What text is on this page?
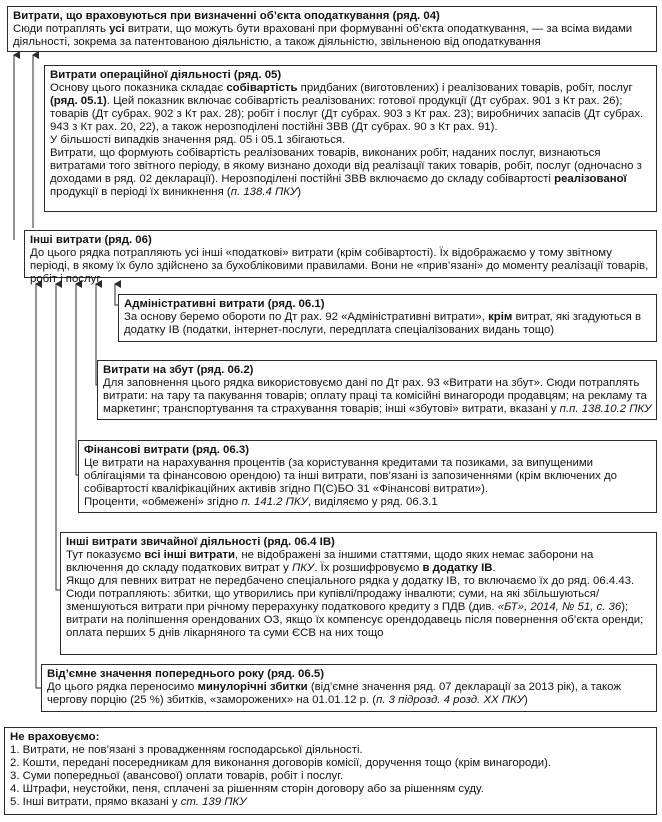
Витрати, що враховуються при визначенні об’єкта оподаткування (ряд. 04)

Сюди потраплять усі витрати, що можуть бути враховані при формуванні об’єкта оподаткування, — за всіма видами діяльності, зокрема за патентованою діяльністю, а також діяльністю, звільненою від оподаткування

Витрати операційної діяльності (ряд. 05)

Основу цього показника складає собівартість придбаних (виготовлених) і реалізованих товарів, робіт, послуг (ряд. 05.1). Цей показник включає собівартість реалізованих: готової продукції (Дт субрах. 901 з Кт рах. 26); товарів (Дт субрах. 902 з Кт рах. 28); робіт і послуг (Дт субрах. 903 з Кт рах. 23); виробничих запасів (Дт субрах. 943 з Кт рах. 20, 22), а також нерозподілені постійні ЗВВ (Дт субрах. 90 з Кт рах. 91).

У більшості випадків значення ряд. 05 і 05.1 збігаються.

Витрати, що формують собівартість реалізованих товарів, виконаних робіт, наданих послуг, визнаються витратами того звітного періоду, в якому визнано доходи від реалізації таких товарів, робіт, послуг (одночасно з доходами в ряд. 02 декларації). Нерозподілені постійні ЗВВ включаємо до складу собівартості реалізованої продукції в періоді їх виникнення (п. 138.4 ПКУ)

Інші витрати (ряд. 06)

До цього рядка потрапляють усі інші «податкові» витрати (крім собівартості). Їх відображаємо у тому звітному періоді, в якому їх було здійснено за бухобліковими правилами. Вони не «прив’язані» до моменту реалізації товарів, робіт і послуг

Адміністративні витрати (ряд. 06.1)

За основу беремо обороти по Дт рах. 92 «Адміністративні витрати», крім витрат, які згадуються в додатку ІВ (податки, інтернет-послуги, передплата спеціалізованих видань тощо)

Витрати на збут (ряд. 06.2)

Для заповнення цього рядка використовуємо дані по Дт рах. 93 «Витрати на збут». Сюди потраплять витрати: на тару та пакування товарів; оплату праці та комісійні винагороди продавцям; на рекламу та маркетинг; транспортування та страхування товарів; інші «збутові» витрати, вказані у п.п. 138.10.2 ПКУ

Фінансові витрати (ряд. 06.3)

Це витрати на нарахування процентів (за користування кредитами та позиками, за випущеними облігаціями та фінансовою орендою) та інші витрати, пов’язані із запозиченнями (крім включених до собівартості кваліфікаційних активів згідно П(С)БО 31 «Фінансові витрати»).

Проценти, «обмежені» згідно п. 141.2 ПКУ, виділяємо у ряд. 06.3.1

Інші витрати звичайної діяльності (ряд. 06.4 ІВ)

Тут показуємо всі інші витрати, не відображені за іншими статтями, щодо яких немає заборони на включення до складу податкових витрат у ПКУ. Їх розшифровуємо в додатку ІВ.

Якщо для певних витрат не передбачено спеціального рядка у додатку ІВ, то включаємо їх до ряд. 06.4.43. Сюди потрапляють: збитки, що утворились при купівлі/продажу інвалюти; суми, на які збільшуються/зменшуються витрати при річному перерахунку податкового кредиту з ПДВ (див. «БТ», 2014, № 51, с. 36); витрати на поліпшення орендованих ОЗ, якщо їх компенсує орендодавець після повернення об’єкта оренди; оплата перших 5 днів лікарняного та суми ЄСВ на них тощо

Від’ємне значення попереднього року (ряд. 06.5)

До цього рядка переносимо минулорічні збитки (від’ємне значення ряд. 07 декларації за 2013 рік), а також чергову порцію (25 %) збитків, «заморожених» на 01.01.12 р. (п. 3 підрозд. 4 розд. XX ПКУ)

Не враховуємо:

1. Витрати, не пов’язані з провадженням господарської діяльності.
2. Кошти, передані посередникам для виконання договорів комісії, доручення тощо (крім винагороди).
3. Суми попередньої (авансової) оплати товарів, робіт і послуг.
4. Штрафи, неустойки, пеня, сплачені за рішенням сторін договору або за рішенням суду.
5. Інші витрати, прямо вказані у ст. 139 ПКУ
